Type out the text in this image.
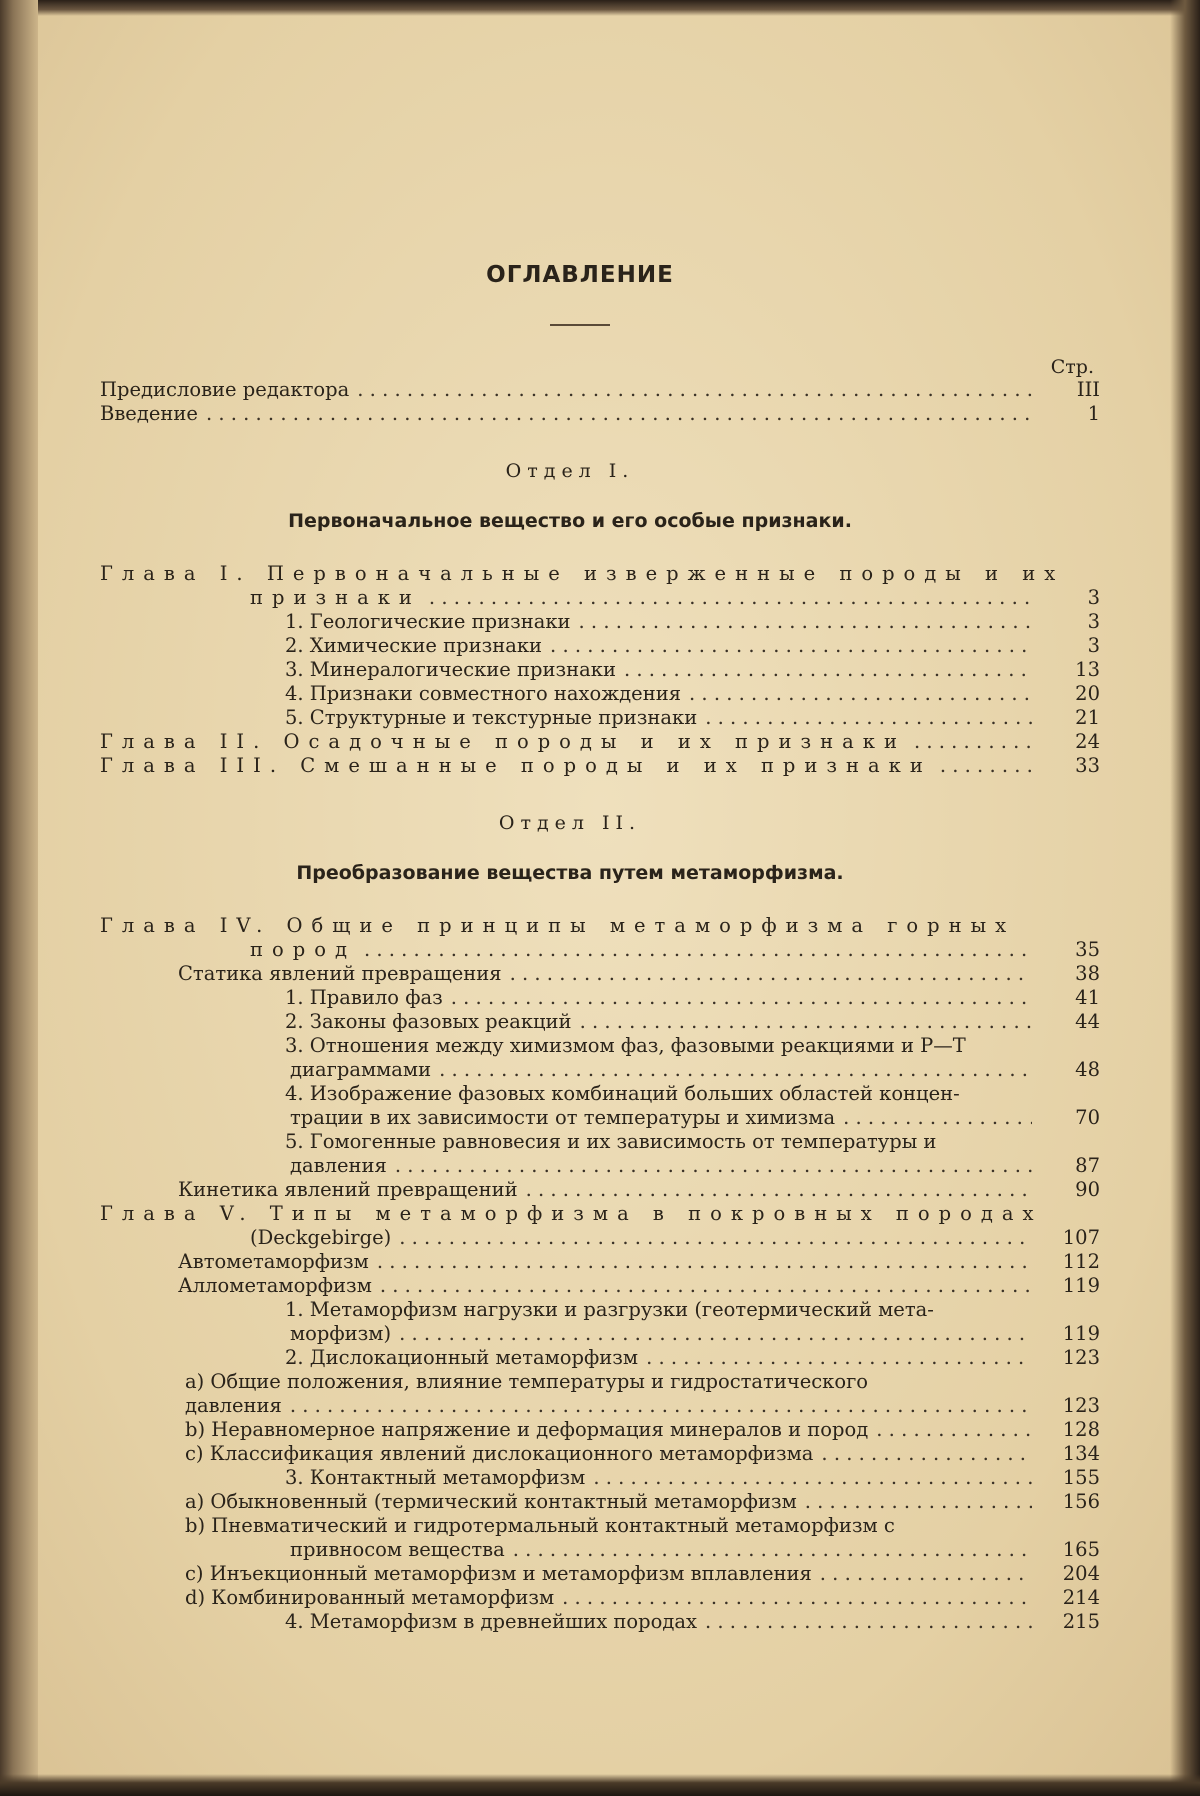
ОГЛАВЛЕНИЕ
Стр.
Предисловие редактора . . .	III
Введение . . .	1
Отдел I.
Первоначальное вещество и его особые признаки.
Глава I. Первоначальные изверженные породы и их
признаки . . .	3
1. Геологические признаки . . .	3
2. Химические признаки . . .	3
3. Минералогические признаки . . .	13
4. Признаки совместного нахождения . . .	20
5. Структурные и текстурные признаки . . .	21
Глава II. Осадочные породы и их признаки . . .	24
Глава III. Смешанные породы и их признаки . . .	33
Отдел II.
Преобразование вещества путем метаморфизма.
Глава IV. Общие принципы метаморфизма горных
пород . . .	35
Статика явлений превращения . . .	38
1. Правило фаз . . .	41
2. Законы фазовых реакций . . .	44
3. Отношения между химизмом фаз, фазовыми реакциями и P—T
диаграммами . . .	48
4. Изображение фазовых комбинаций больших областей концен-
трации в их зависимости от температуры и химизма . . .	70
5. Гомогенные равновесия и их зависимость от температуры и
давления . . .	87
Кинетика явлений превращений . . .	90
Глава V. Типы метаморфизма в покровных породах
(Deckgebirge) . . .	107
Автометаморфизм . . .	112
Аллометаморфизм . . .	119
1. Метаморфизм нагрузки и разгрузки (геотермический мета-
морфизм) . . .	119
2. Дислокационный метаморфизм . . .	123
а) Общие положения, влияние температуры и гидростатического
давления . . .	123
b) Неравномерное напряжение и деформация минералов и пород . . .	128
c) Классификация явлений дислокационного метаморфизма . . .	134
3. Контактный метаморфизм . . .	155
a) Обыкновенный (термический контактный метаморфизм . . .	156
b) Пневматический и гидротермальный контактный метаморфизм с
привносом вещества . . .	165
c) Инъекционный метаморфизм и метаморфизм вплавления . . .	204
d) Комбинированный метаморфизм . . .	214
4. Метаморфизм в древнейших породах . . .	215
